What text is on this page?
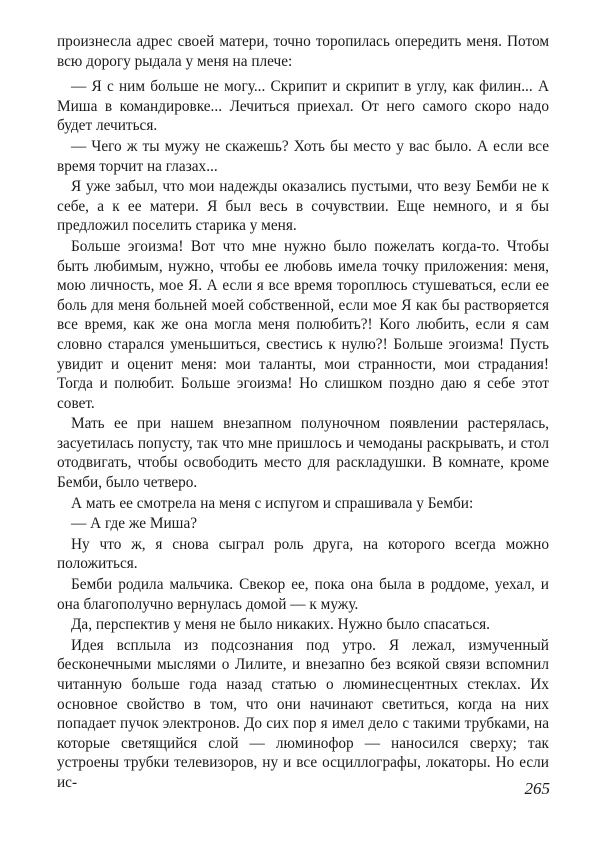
произнесла адрес своей матери, точно торопилась опередить меня. Потом всю дорогу рыдала у меня на плече:

— Я с ним больше не могу... Скрипит и скрипит в углу, как филин... А Миша в командировке... Лечиться приехал. От него самого скоро надо будет лечиться.

— Чего ж ты мужу не скажешь? Хоть бы место у вас было. А если все время торчит на глазах...

Я уже забыл, что мои надежды оказались пустыми, что везу Бемби не к себе, а к ее матери. Я был весь в сочувствии. Еще немного, и я бы предложил поселить старика у меня.

Больше эгоизма! Вот что мне нужно было пожелать когда-то. Чтобы быть любимым, нужно, чтобы ее любовь имела точку приложения: меня, мою личность, мое Я. А если я все время тороплюсь стушеваться, если ее боль для меня больней моей собственной, если мое Я как бы растворяется все время, как же она могла меня полюбить?! Кого любить, если я сам словно старался уменьшиться, свестись к нулю?! Больше эгоизма! Пусть увидит и оценит меня: мои таланты, мои странности, мои страдания! Тогда и полюбит. Больше эгоизма! Но слишком поздно даю я себе этот совет.

Мать ее при нашем внезапном полуночном появлении растерялась, засуетилась попусту, так что мне пришлось и чемоданы раскрывать, и стол отодвигать, чтобы освободить место для раскладушки. В комнате, кроме Бемби, было четверо.

А мать ее смотрела на меня с испугом и спрашивала у Бемби:

— А где же Миша?

Ну что ж, я снова сыграл роль друга, на которого всегда можно положиться.

Бемби родила мальчика. Свекор ее, пока она была в роддоме, уехал, и она благополучно вернулась домой — к мужу.

Да, перспектив у меня не было никаких. Нужно было спасаться.

Идея всплыла из подсознания под утро. Я лежал, измученный бесконечными мыслями о Лилите, и внезапно без всякой связи вспомнил читанную больше года назад статью о люминесцентных стеклах. Их основное свойство в том, что они начинают светиться, когда на них попадает пучок электронов. До сих пор я имел дело с такими трубками, на которые светящийся слой — люминофор — наносился сверху; так устроены трубки телевизоров, ну и все осциллографы, локаторы. Но если ис-	265
